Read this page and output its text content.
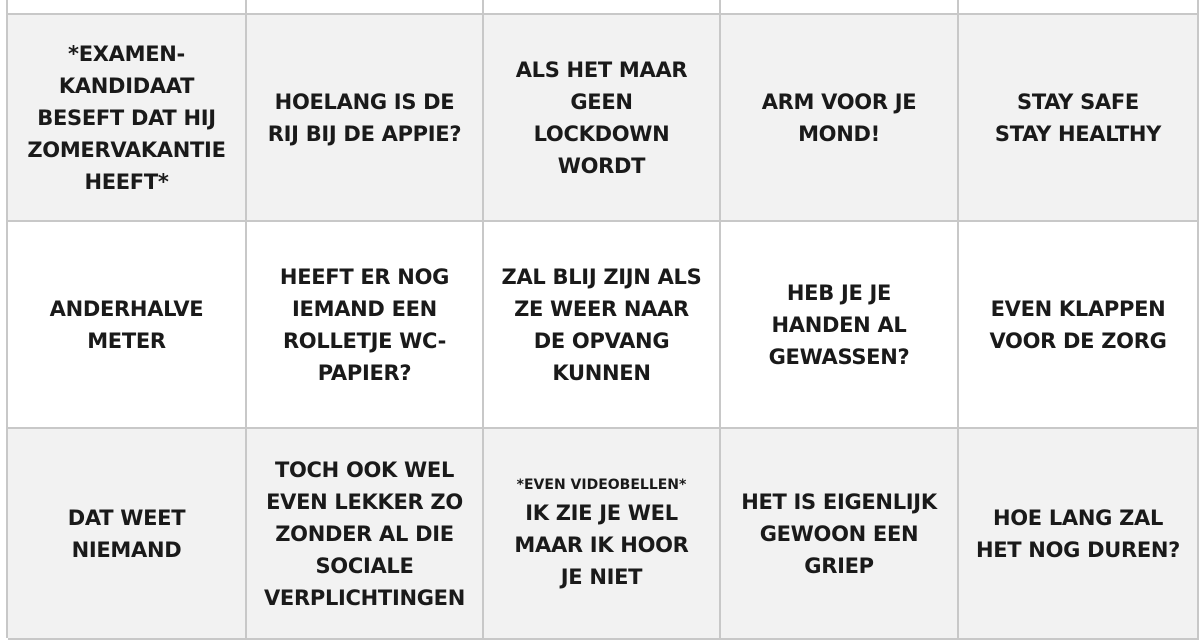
*EXAMEN-
KANDIDAAT
BESEFT DAT HIJ
ZOMERVAKANTIE
HEEFT*
HOELANG IS DE
RIJ BIJ DE APPIE?
ALS HET MAAR
GEEN
LOCKDOWN
WORDT
ARM VOOR JE
MOND!
STAY SAFE
STAY HEALTHY
ANDERHALVE
METER
HEEFT ER NOG
IEMAND EEN
ROLLETJE WC-
PAPIER?
ZAL BLIJ ZIJN ALS
ZE WEER NAAR
DE OPVANG
KUNNEN
HEB JE JE
HANDEN AL
GEWASSEN?
EVEN KLAPPEN
VOOR DE ZORG
DAT WEET
NIEMAND
TOCH OOK WEL
EVEN LEKKER ZO
ZONDER AL DIE
SOCIALE
VERPLICHTINGEN
*EVEN VIDEOBELLEN*
IK ZIE JE WEL
MAAR IK HOOR
JE NIET
HET IS EIGENLIJK
GEWOON EEN
GRIEP
HOE LANG ZAL
HET NOG DUREN?
